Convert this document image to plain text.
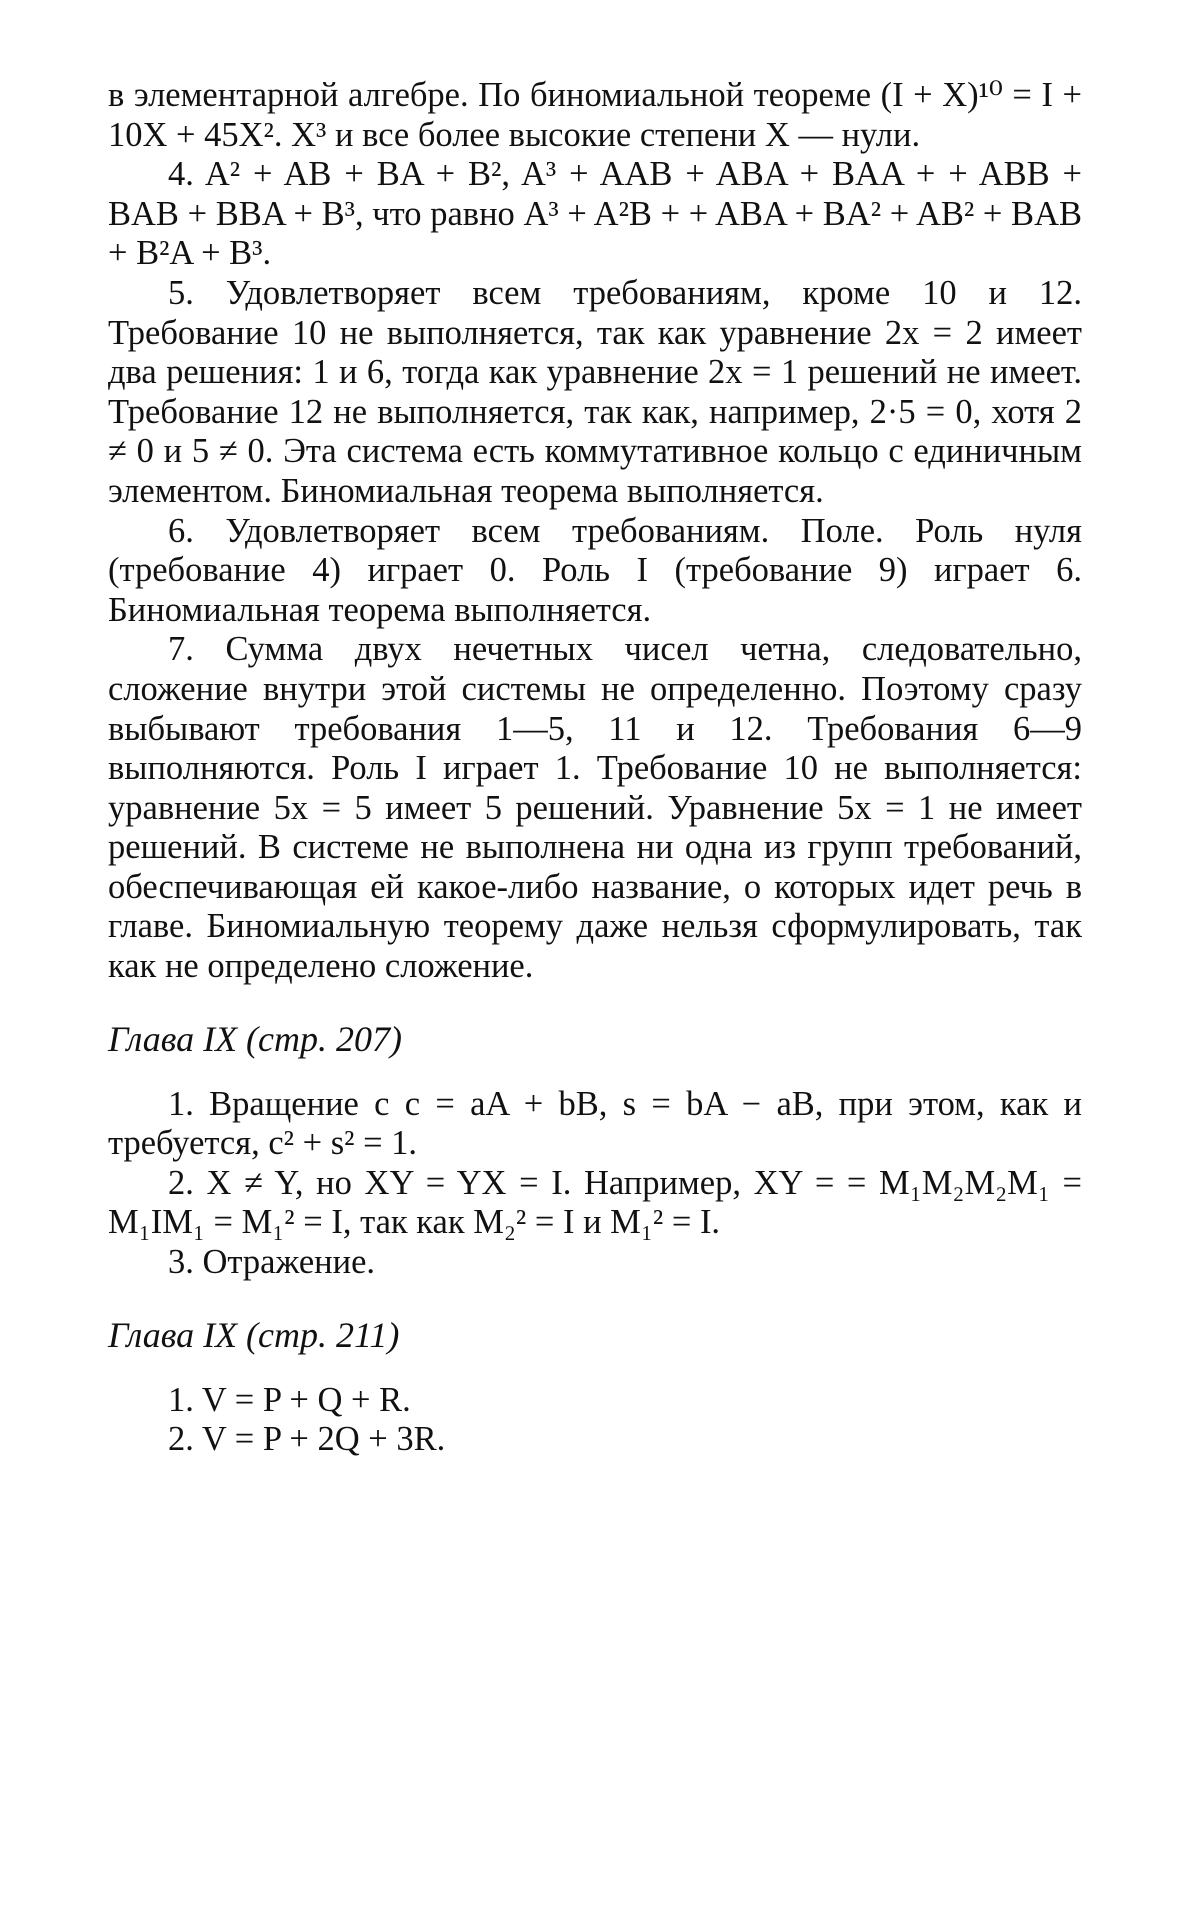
в элементарной алгебре. По биномиальной теореме (I + X)¹⁰ = I + 10X + 45X². X³ и все более высокие степени X — нули.

4. A² + AB + BA + B², A³ + AAB + ABA + BAA + + ABB + BAB + BBA + B³, что равно A³ + A²B + + ABA + BA² + AB² + BAB + B²A + B³.

5. Удовлетворяет всем требованиям, кроме 10 и 12. Требование 10 не выполняется, так как уравнение 2x = 2 имеет два решения: 1 и 6, тогда как уравнение 2x = 1 решений не имеет. Требование 12 не выполняется, так как, например, 2·5 = 0, хотя 2 ≠ 0 и 5 ≠ 0. Эта система есть коммутативное кольцо с единичным элементом. Биномиальная теорема выполняется.

6. Удовлетворяет всем требованиям. Поле. Роль нуля (требование 4) играет 0. Роль I (требование 9) играет 6. Биномиальная теорема выполняется.

7. Сумма двух нечетных чисел четна, следовательно, сложение внутри этой системы не определенно. Поэтому сразу выбывают требования 1—5, 11 и 12. Требования 6—9 выполняются. Роль I играет 1. Требование 10 не выполняется: уравнение 5x = 5 имеет 5 решений. Уравнение 5x = 1 не имеет решений. В системе не выполнена ни одна из групп требований, обеспечивающая ей какое-либо название, о которых идет речь в главе. Биномиальную теорему даже нельзя сформулировать, так как не определено сложение.

Глава IX (стр. 207)

1. Вращение с c = aA + bB, s = bA − aB, при этом, как и требуется, c² + s² = 1.

2. X ≠ Y, но XY = YX = I. Например, XY = = M₁M₂M₂M₁ = M₁IM₁ = M₁² = I, так как M₂² = I и M₁² = I.

3. Отражение.

Глава IX (стр. 211)

1. V = P + Q + R.

2. V = P + 2Q + 3R.
